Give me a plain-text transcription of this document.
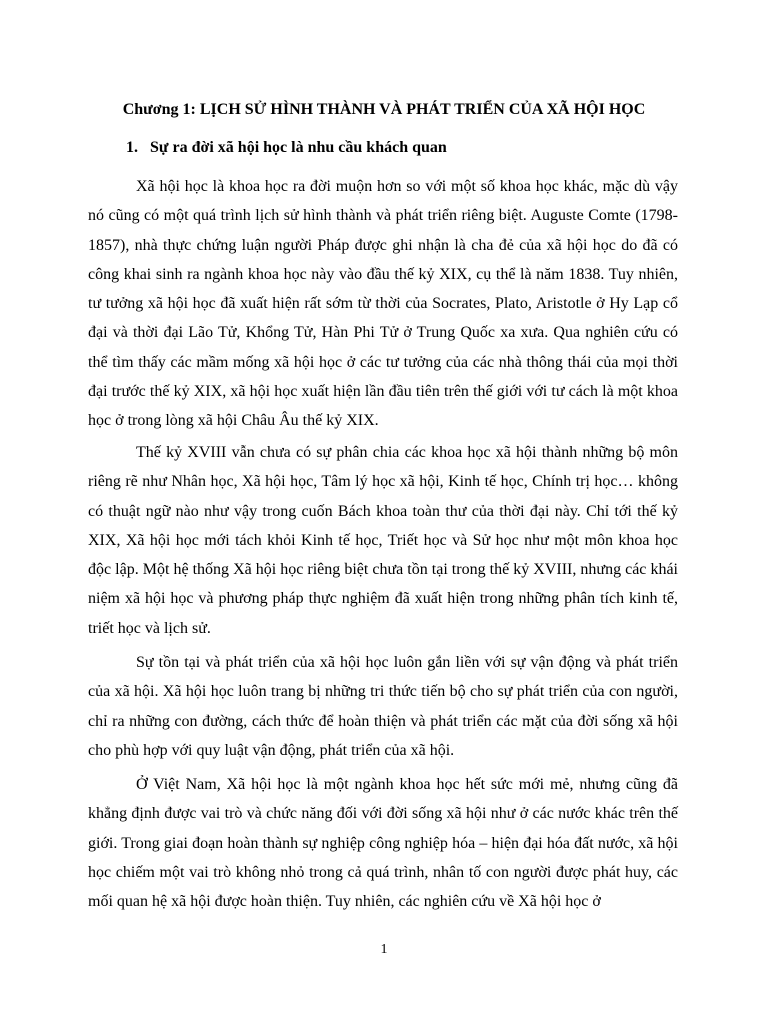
Chương 1: LỊCH SỬ HÌNH THÀNH VÀ PHÁT TRIỂN CỦA XÃ HỘI HỌC
1. Sự ra đời xã hội học là nhu cầu khách quan

Xã hội học là khoa học ra đời muộn hơn so với một số khoa học khác, mặc dù vậy nó cũng có một quá trình lịch sử hình thành và phát triển riêng biệt. Auguste Comte (1798-1857), nhà thực chứng luận người Pháp được ghi nhận là cha đẻ của xã hội học do đã có công khai sinh ra ngành khoa học này vào đầu thế kỷ XIX, cụ thể là năm 1838. Tuy nhiên, tư tưởng xã hội học đã xuất hiện rất sớm từ thời của Socrates, Plato, Aristotle ở Hy Lạp cổ đại và thời đại Lão Tử, Khổng Tử, Hàn Phi Tử ở Trung Quốc xa xưa. Qua nghiên cứu có thể tìm thấy các mầm mống xã hội học ở các tư tưởng của các nhà thông thái của mọi thời đại trước thế kỷ XIX, xã hội học xuất hiện lần đầu tiên trên thế giới với tư cách là một khoa học ở trong lòng xã hội Châu Âu thế kỷ XIX.

Thế kỷ XVIII vẫn chưa có sự phân chia các khoa học xã hội thành những bộ môn riêng rẽ như Nhân học, Xã hội học, Tâm lý học xã hội, Kinh tế học, Chính trị học… không có thuật ngữ nào như vậy trong cuốn Bách khoa toàn thư của thời đại này. Chỉ tới thế kỷ XIX, Xã hội học mới tách khỏi Kinh tế học, Triết học và Sử học như một môn khoa học độc lập. Một hệ thống Xã hội học riêng biệt chưa tồn tại trong thế kỷ XVIII, nhưng các khái niệm xã hội học và phương pháp thực nghiệm đã xuất hiện trong những phân tích kinh tế, triết học và lịch sử.

Sự tồn tại và phát triển của xã hội học luôn gắn liền với sự vận động và phát triển của xã hội. Xã hội học luôn trang bị những tri thức tiến bộ cho sự phát triển của con người, chỉ ra những con đường, cách thức để hoàn thiện và phát triển các mặt của đời sống xã hội cho phù hợp với quy luật vận động, phát triển của xã hội.

Ở Việt Nam, Xã hội học là một ngành khoa học hết sức mới mẻ, nhưng cũng đã khẳng định được vai trò và chức năng đối với đời sống xã hội như ở các nước khác trên thế giới. Trong giai đoạn hoàn thành sự nghiệp công nghiệp hóa – hiện đại hóa đất nước, xã hội học chiếm một vai trò không nhỏ trong cả quá trình, nhân tố con người được phát huy, các mối quan hệ xã hội được hoàn thiện. Tuy nhiên, các nghiên cứu về Xã hội học ở

1
